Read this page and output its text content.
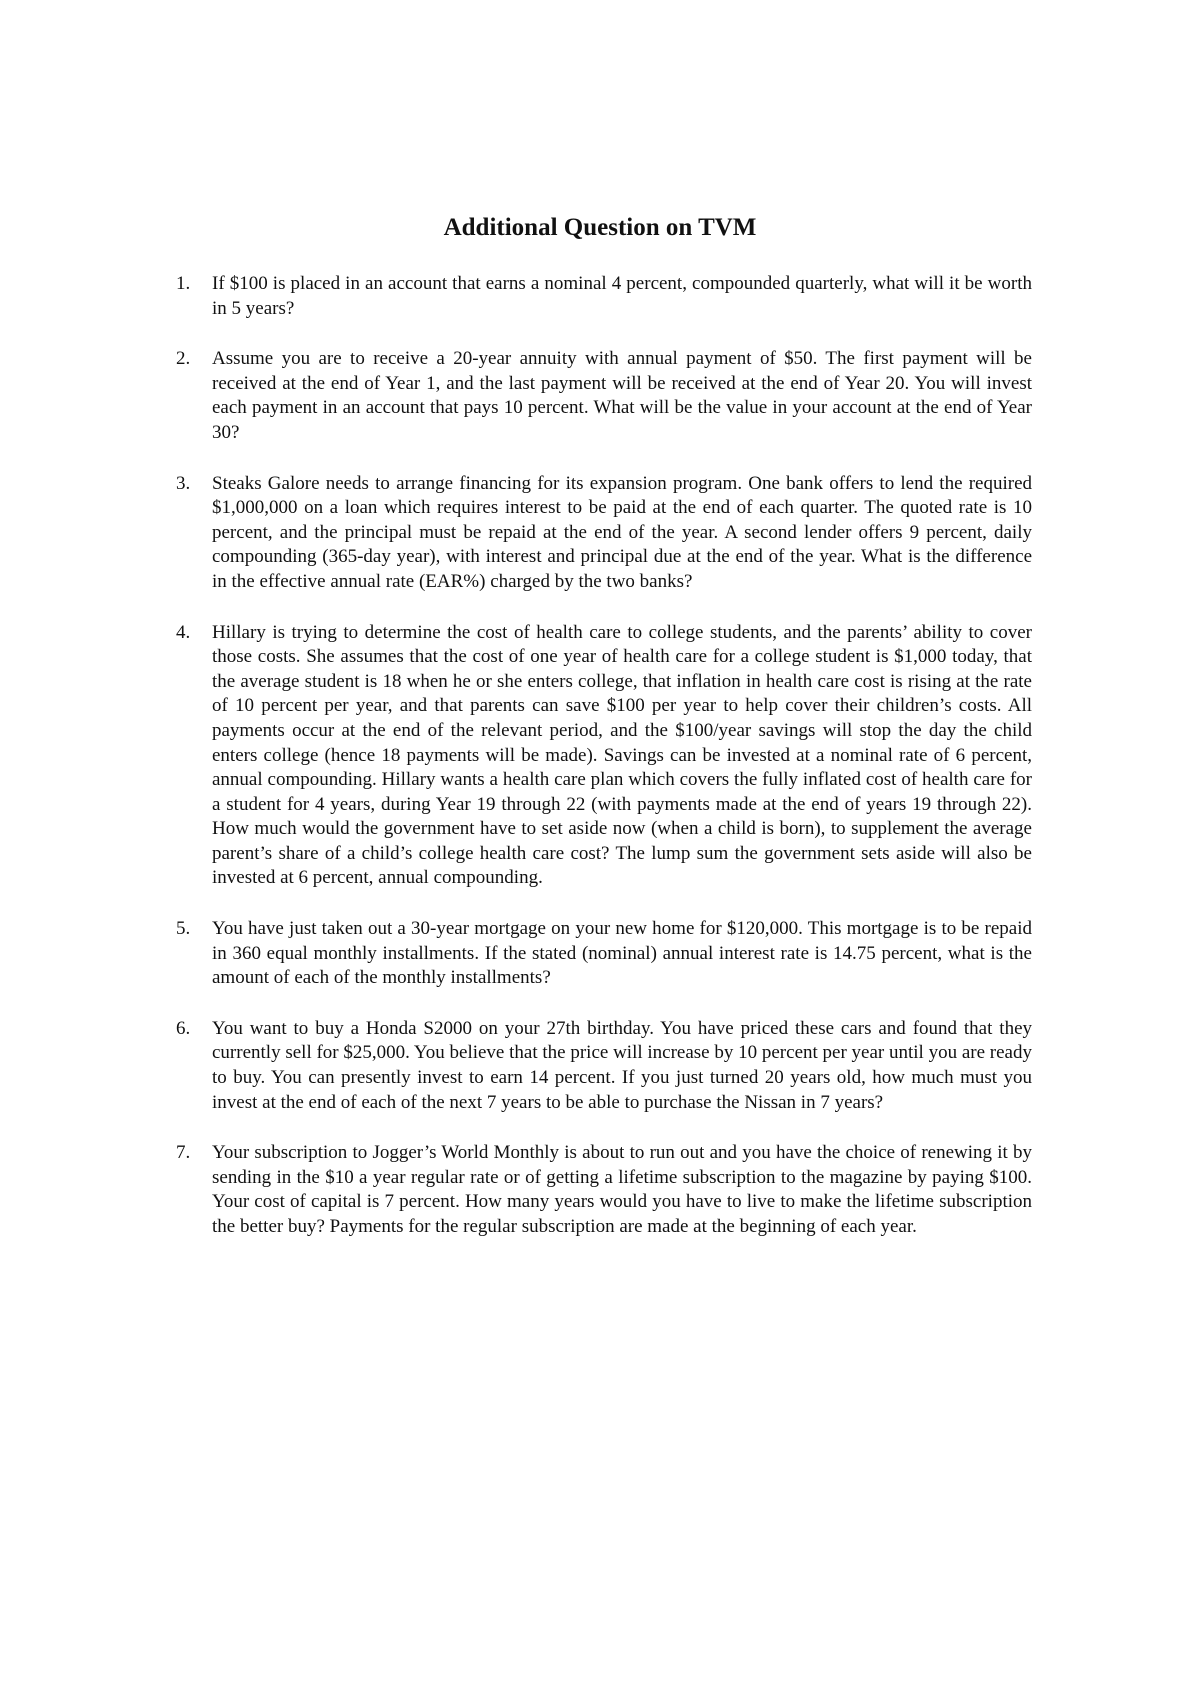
Additional Question on TVM
1.	If $100 is placed in an account that earns a nominal 4 percent, compounded quarterly, what will it be worth in 5 years?
2.	Assume you are to receive a 20-year annuity with annual payment of $50. The first payment will be received at the end of Year 1, and the last payment will be received at the end of Year 20. You will invest each payment in an account that pays 10 percent. What will be the value in your account at the end of Year 30?
3.	Steaks Galore needs to arrange financing for its expansion program. One bank offers to lend the required $1,000,000 on a loan which requires interest to be paid at the end of each quarter. The quoted rate is 10 percent, and the principal must be repaid at the end of the year. A second lender offers 9 percent, daily compounding (365-day year), with interest and principal due at the end of the year. What is the difference in the effective annual rate (EAR%) charged by the two banks?
4.	Hillary is trying to determine the cost of health care to college students, and the parents’ ability to cover those costs. She assumes that the cost of one year of health care for a college student is $1,000 today, that the average student is 18 when he or she enters college, that inflation in health care cost is rising at the rate of 10 percent per year, and that parents can save $100 per year to help cover their children’s costs. All payments occur at the end of the relevant period, and the $100/year savings will stop the day the child enters college (hence 18 payments will be made). Savings can be invested at a nominal rate of 6 percent, annual compounding. Hillary wants a health care plan which covers the fully inflated cost of health care for a student for 4 years, during Year 19 through 22 (with payments made at the end of years 19 through 22). How much would the government have to set aside now (when a child is born), to supplement the average parent’s share of a child’s college health care cost? The lump sum the government sets aside will also be invested at 6 percent, annual compounding.
5.	You have just taken out a 30-year mortgage on your new home for $120,000. This mortgage is to be repaid in 360 equal monthly installments. If the stated (nominal) annual interest rate is 14.75 percent, what is the amount of each of the monthly installments?
6.	You want to buy a Honda S2000 on your 27th birthday. You have priced these cars and found that they currently sell for $25,000. You believe that the price will increase by 10 percent per year until you are ready to buy. You can presently invest to earn 14 percent. If you just turned 20 years old, how much must you invest at the end of each of the next 7 years to be able to purchase the Nissan in 7 years?
7.	Your subscription to Jogger’s World Monthly is about to run out and you have the choice of renewing it by sending in the $10 a year regular rate or of getting a lifetime subscription to the magazine by paying $100. Your cost of capital is 7 percent. How many years would you have to live to make the lifetime subscription the better buy? Payments for the regular subscription are made at the beginning of each year.
